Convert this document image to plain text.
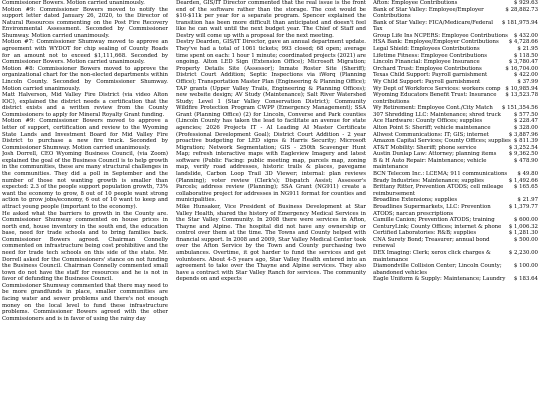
Commissioner Bowers. Motion carried unanimously.

Motion #9: Commissioner Bowers moved to notify the support letter dated January 26, 2020, to the Director of Natural Resources commenting on the Post Fire Recovery Environmental Assessment. Seconded by Commissioner Shumway. Motion carried unanimously.

Motion #7: Commissioner Shumway moved to approve an agreement with WYDOT for chip sealing of County Roads for an amount not to exceed $1,111,668. Seconded by Commissioner Bowers. Motion carried unanimously.

Motion #8: Commissioner Bowers moved to approve the organizational chart for the non-elected departments within Lincoln County. Seconded by Commissioner Shumway. Motion carried unanimously.

Matt Halverson, Mid Valley Fire District (via video Alton IOC), explained the district needs a certification that the district exists and a written review from the County Commissioners to apply for Mineral Royalty Grant funding.

Motion #9: Commissioner Bowers moved to approve a letter of support, certification and review to the Wyoming State Lands and Investment Board for Mid Valley Fire District to purchase a new fire truck. Seconded by Commissioner Shumway. Motion carried unanimously.

Josh Dorrell, CEO Wyoming Business Council, (via Zoom) explained the goal of the Business Council is to help growth in the communities, these are many structural challenges in the communities. They did a poll in September and the number of those not wanting growth is smaller than expected: 2.3 of the people support population growth, 73% want the economy to grow, 8 out of 10 people want strong action to grow jobs/economy, 6 out of 10 want to keep and attract young people (important to the economy).

He asked what the barriers to growth in the County are. Commissioner Shumway commented on house prices in north end, house inventory in the south end, the education base, need for trade schools and to bring families back. Commissioner Bowers agreed. Chairman Connelly commented on infrastructure being cost prohibitive and the need for trade tech schools on this side of the state. Mr. Dorrell asked for the Commissioners' stance on not funding the Business Council. Chairman Connelly commented small town do not have the staff for resources and he is not in favor of defunding the Business Council.

Commissioner Shumway commented that there may need to be more grandfunds in place, smaller communities are facing water and sewer problems and there's not enough money on the local level to fund these infrastructure problems. Commissioner Bowers agreed with the other Commissioners and is in favor of using the rainy day

Dearden, GIS/IT Director commented that the real issue is the front end of the software rather than the storage. The cost would be $10-$11k per year for a separate program. Spencer explained the transition has been more difficult than anticipated and doesn't feel like he can wait until the next budget year. The Chief of Staff and Destry will come up with a proposal for the next meeting.

Destry Dearden, GIS/IT Director, gave an annual department update. They've had a total of 1061 tickets; 993 closed; 68 open; average time spent on each: 1 hour 1 minute; coordinated projects (2021) are ongoing. Alton LED Sign (Extension Office); Microsoft Migration; Property Details Site (Assessor); Inmate Roster Site (Sheriff); District Court Addition; Septic Inspections via iWorq (Planning Office); Transportation Master Plan (Engineering & Planning Office); TAP grants (Upper Valley Trails, Engineering & Planning Offices); new website design; AV Study (Maintenance); Salt River Watershed Study; Level 1 (Star Valley Conservation District); Community Wildfire Protection Program CWPP (Emergency Management); SSA Grant (Planning Office) (2) for Lincoln, Converse and Park counties (Lincoln County has taken the lead to facilitate an avenue for state agencies; 2026 Projects IT - AI Leading AI Master Certificate (Professional Development Goal); District Court Addition - 2 year proactive budgeting for LED signs & Harris Security; Microsoft Migration; Network Segmentation; GIS - 250th Scavenger Hunt Map; refresh interactive maps with Eagleview Imagery and latest software (Public Facing: public meeting map, parcels map, zoning map, verify road addresses, historic trails & places, pavegame landslide, Carbon Loop Trail 3D Viewer; internal: plan reviews (Planning); voter review (Clerk's); Dispatch Assist; Assessor's Parcels; address review (Planning); SSA Grant (NG911) create a collaborative project for addresses in NG911 format for counties and municipalities.

Mike Hunsaker, Vice President of Business Development at Star Valley Health, shared the history of Emergency Medical Services in the Star Valley Community. In 2008 there were services in Afton, Thayne and Alpine. The hospital did not have any ownership or control over them at the time. The Towns and County helped with financial support. In 2008 and 2009, Star Valley Medical Center took over the Afton Service by the Town and County purchasing two ambulances. Overtime, it got harder to fund the services and get volunteers. About 4-5 years ago, Star Valley Health entered into an agreement to take over the Thayne and Alpine services. They also have a contract with Star Valley Ranch for services. The community depends on and expects

Afton: Employee Contributions	$ 929.63
Bank of Star Valley: Employee/Employer Contributions
$ 28,882.73
Bank of Star Valley: FICA/Medicare/Federal Tax
$ 181,975.94
Group Life Ins NCPERS: Employee Contributions	$ 432.00
HSA Bank: Employee/Employer Contributions	$ 4,728.66
Legal Shield: Employees Contributions	$ 21.95
Lifetime Fitness: Employee Contributions	$ 118.50
Lincoln Financial: Employee Insurance	$ 3,780.47
Orchard Trust: Employee Contributions	$ 16,704.00
Texas Child Support: Payroll garnishment	$ 422.00
Wy Child Support: Payroll garnishment	$ 37.99
Wy Dept of Workforce Services: workers comp $ 10,985.94
Wyoming Educators Benefit Trust: Insurance contributions
$ 13,523.78
Wy Retirement: Employee Cont./City Match	$ 151,354.56
307 Shredding LLC: Maintenance; shred truck	$ 577.50
Ace Hardware: County Offices; supplies	$ 228.47
Alton Point S: Sheriff; vehicle maintenance	$ 328.00
Allwest Communications: IT; GIS; internet	$ 3,887.96
Amazon Capital Services; County Offices; supplies $ 811.39
AT&T Mobility: Sheriff; phone service	$ 3,252.54
Austin Dunlap Law: Attorney; planning items	$ 9,362.50
B & H Auto Repair: Maintenance; vehicle maintenance
$ 478.90
BCN Telecom Inc.: LCEMA; 911 communications	$ 49.80
Brady Industries: Maintenance; supplies	$ 1,492.66
Brittany Ritter, Prevention ATODS; cell mileage reimbursement
$ 165.65
Broadline Extensions; supplies	$ 21.97
Broadlines Supermarkets, LLC: Prevention ATODS; narcan prescriptions
$ 1,379.77
Camille Canion; Prevention ATODS; training	$ 600.00
CenturyLink; County Offices; internet & phone	$ 1,006.32
Certified Laboratories: R&B; supplies	$ 1,281.30
CNA Surety Bond; Treasurer; annual bond renewal
$ 500.00
DEX Imaging: Clerk; xerox click charges & maintenance
$ 2,230.00
Diamondville Collision Center; Lincoln County; abandoned vehicles
$ 100.00
Eagle Uniform & Supply: Maintenance; Laundry	$ 183.64
